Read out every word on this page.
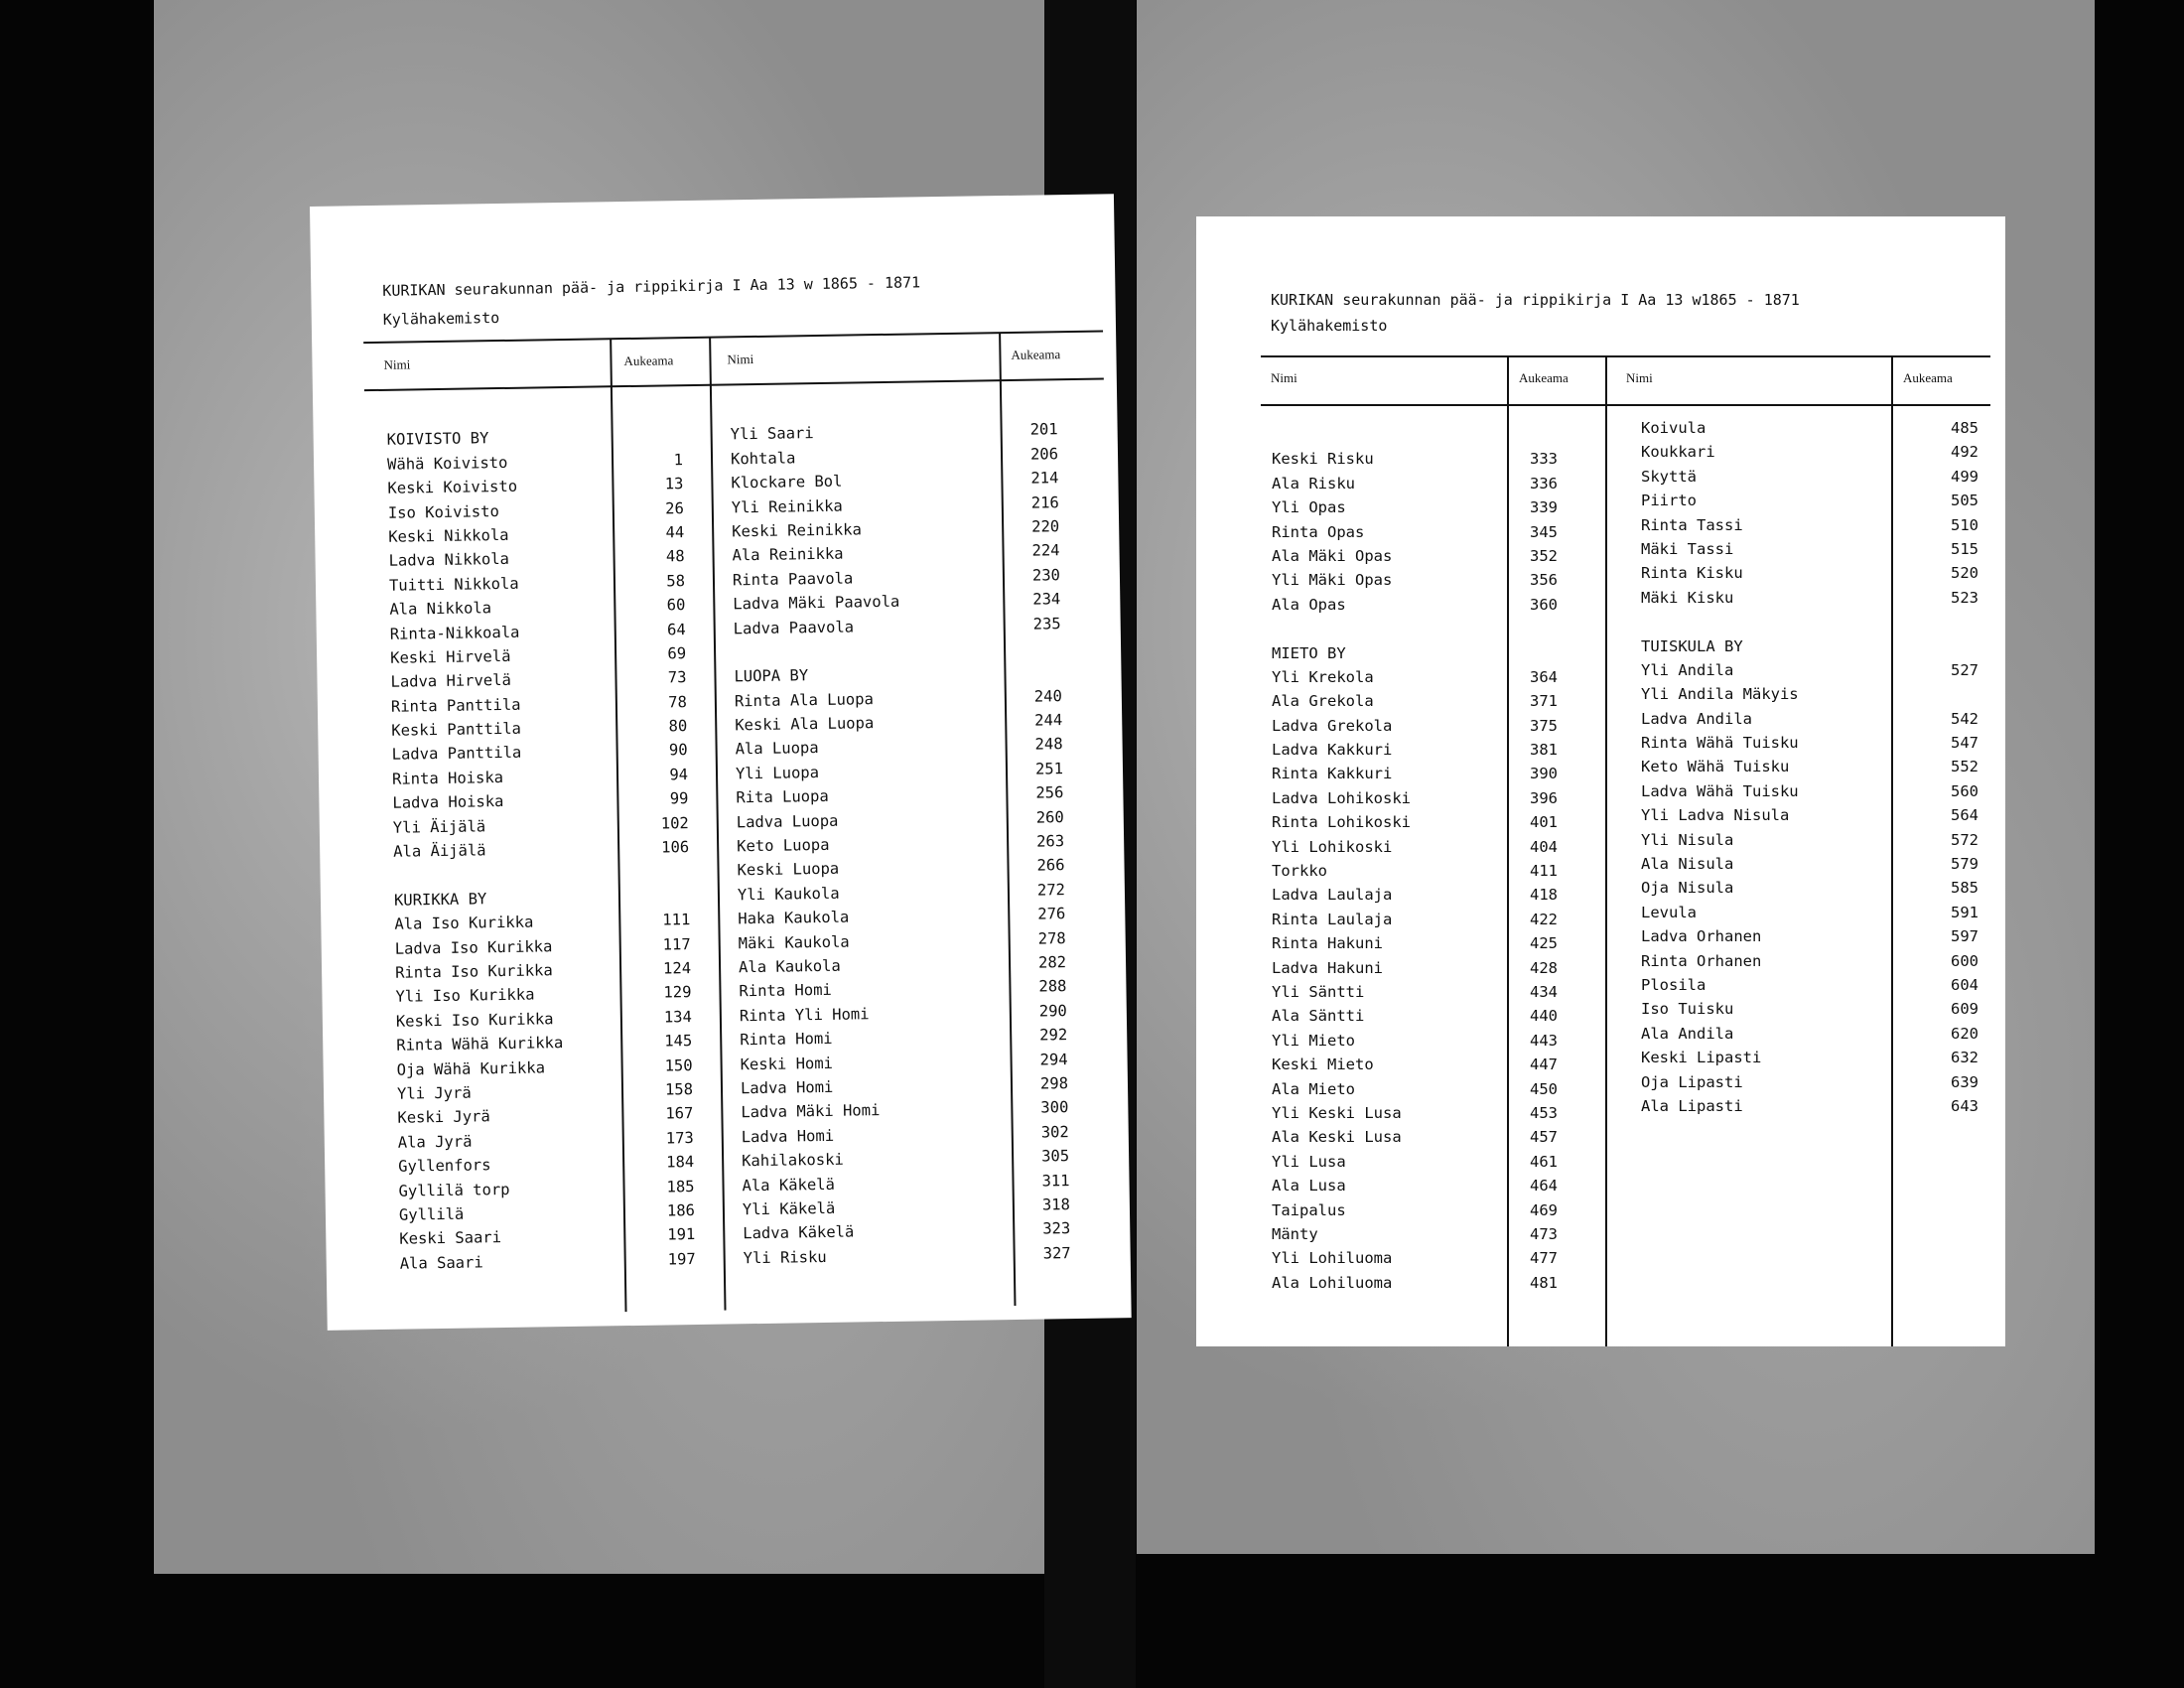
KURIKAN seurakunnan pää- ja rippikirja I Aa 13 w 1865 - 1871
Kylähakemisto
Nimi	Aukeama	Nimi	Aukeama
KOIVISTO BY
Wähä Koivisto	1
Keski Koivisto	13
Iso Koivisto	26
Keski Nikkola	44
Ladva Nikkola	48
Tuitti Nikkola	58
Ala Nikkola	60
Rinta-Nikkoala	64
Keski Hirvelä	69
Ladva Hirvelä	73
Rinta Panttila	78
Keski Panttila	80
Ladva Panttila	90
Rinta Hoiska	94
Ladva Hoiska	99
Yli Äijälä	102
Ala Äijälä	106
KURIKKA BY
Ala Iso Kurikka	111
Ladva Iso Kurikka	117
Rinta Iso Kurikka	124
Yli Iso Kurikka	129
Keski Iso Kurikka	134
Rinta Wähä Kurikka	145
Oja Wähä Kurikka	150
Yli Jyrä	158
Keski Jyrä	167
Ala Jyrä	173
Gyllenfors	184
Gyllilä torp	185
Gyllilä	186
Keski Saari	191
Ala Saari	197
Yli Saari	201
Kohtala	206
Klockare Bol	214
Yli Reinikka	216
Keski Reinikka	220
Ala Reinikka	224
Rinta Paavola	230
Ladva Mäki Paavola	234
Ladva Paavola	235
LUOPA BY
Rinta Ala Luopa	240
Keski Ala Luopa	244
Ala Luopa	248
Yli Luopa	251
Rita Luopa	256
Ladva Luopa	260
Keto Luopa	263
Keski Luopa	266
Yli Kaukola	272
Haka Kaukola	276
Mäki Kaukola	278
Ala Kaukola	282
Rinta Homi	288
Rinta Yli Homi	290
Rinta Homi	292
Keski Homi	294
Ladva Homi	298
Ladva Mäki Homi	300
Ladva Homi	302
Kahilakoski	305
Ala Käkelä	311
Yli Käkelä	318
Ladva Käkelä	323
Yli Risku	327
KURIKAN seurakunnan pää- ja rippikirja I Aa 13 w1865 - 1871
Kylähakemisto
Nimi	Aukeama	Nimi	Aukeama
Keski Risku	333
Ala Risku	336
Yli Opas	339
Rinta Opas	345
Ala Mäki Opas	352
Yli Mäki Opas	356
Ala Opas	360
MIETO BY
Yli Krekola	364
Ala Grekola	371
Ladva Grekola	375
Ladva Kakkuri	381
Rinta Kakkuri	390
Ladva Lohikoski	396
Rinta Lohikoski	401
Yli Lohikoski	404
Torkko	411
Ladva Laulaja	418
Rinta Laulaja	422
Rinta Hakuni	425
Ladva Hakuni	428
Yli Säntti	434
Ala Säntti	440
Yli Mieto	443
Keski Mieto	447
Ala Mieto	450
Yli Keski Lusa	453
Ala Keski Lusa	457
Yli Lusa	461
Ala Lusa	464
Taipalus	469
Mänty	473
Yli Lohiluoma	477
Ala Lohiluoma	481
Koivula	485
Koukkari	492
Skyttä	499
Piirto	505
Rinta Tassi	510
Mäki Tassi	515
Rinta Kisku	520
Mäki Kisku	523
TUISKULA BY
Yli Andila	527
Yli Andila Mäkyis
Ladva Andila	542
Rinta Wähä Tuisku	547
Keto Wähä Tuisku	552
Ladva Wähä Tuisku	560
Yli Ladva Nisula	564
Yli Nisula	572
Ala Nisula	579
Oja Nisula	585
Levula	591
Ladva Orhanen	597
Rinta Orhanen	600
Plosila	604
Iso Tuisku	609
Ala Andila	620
Keski Lipasti	632
Oja Lipasti	639
Ala Lipasti	643
